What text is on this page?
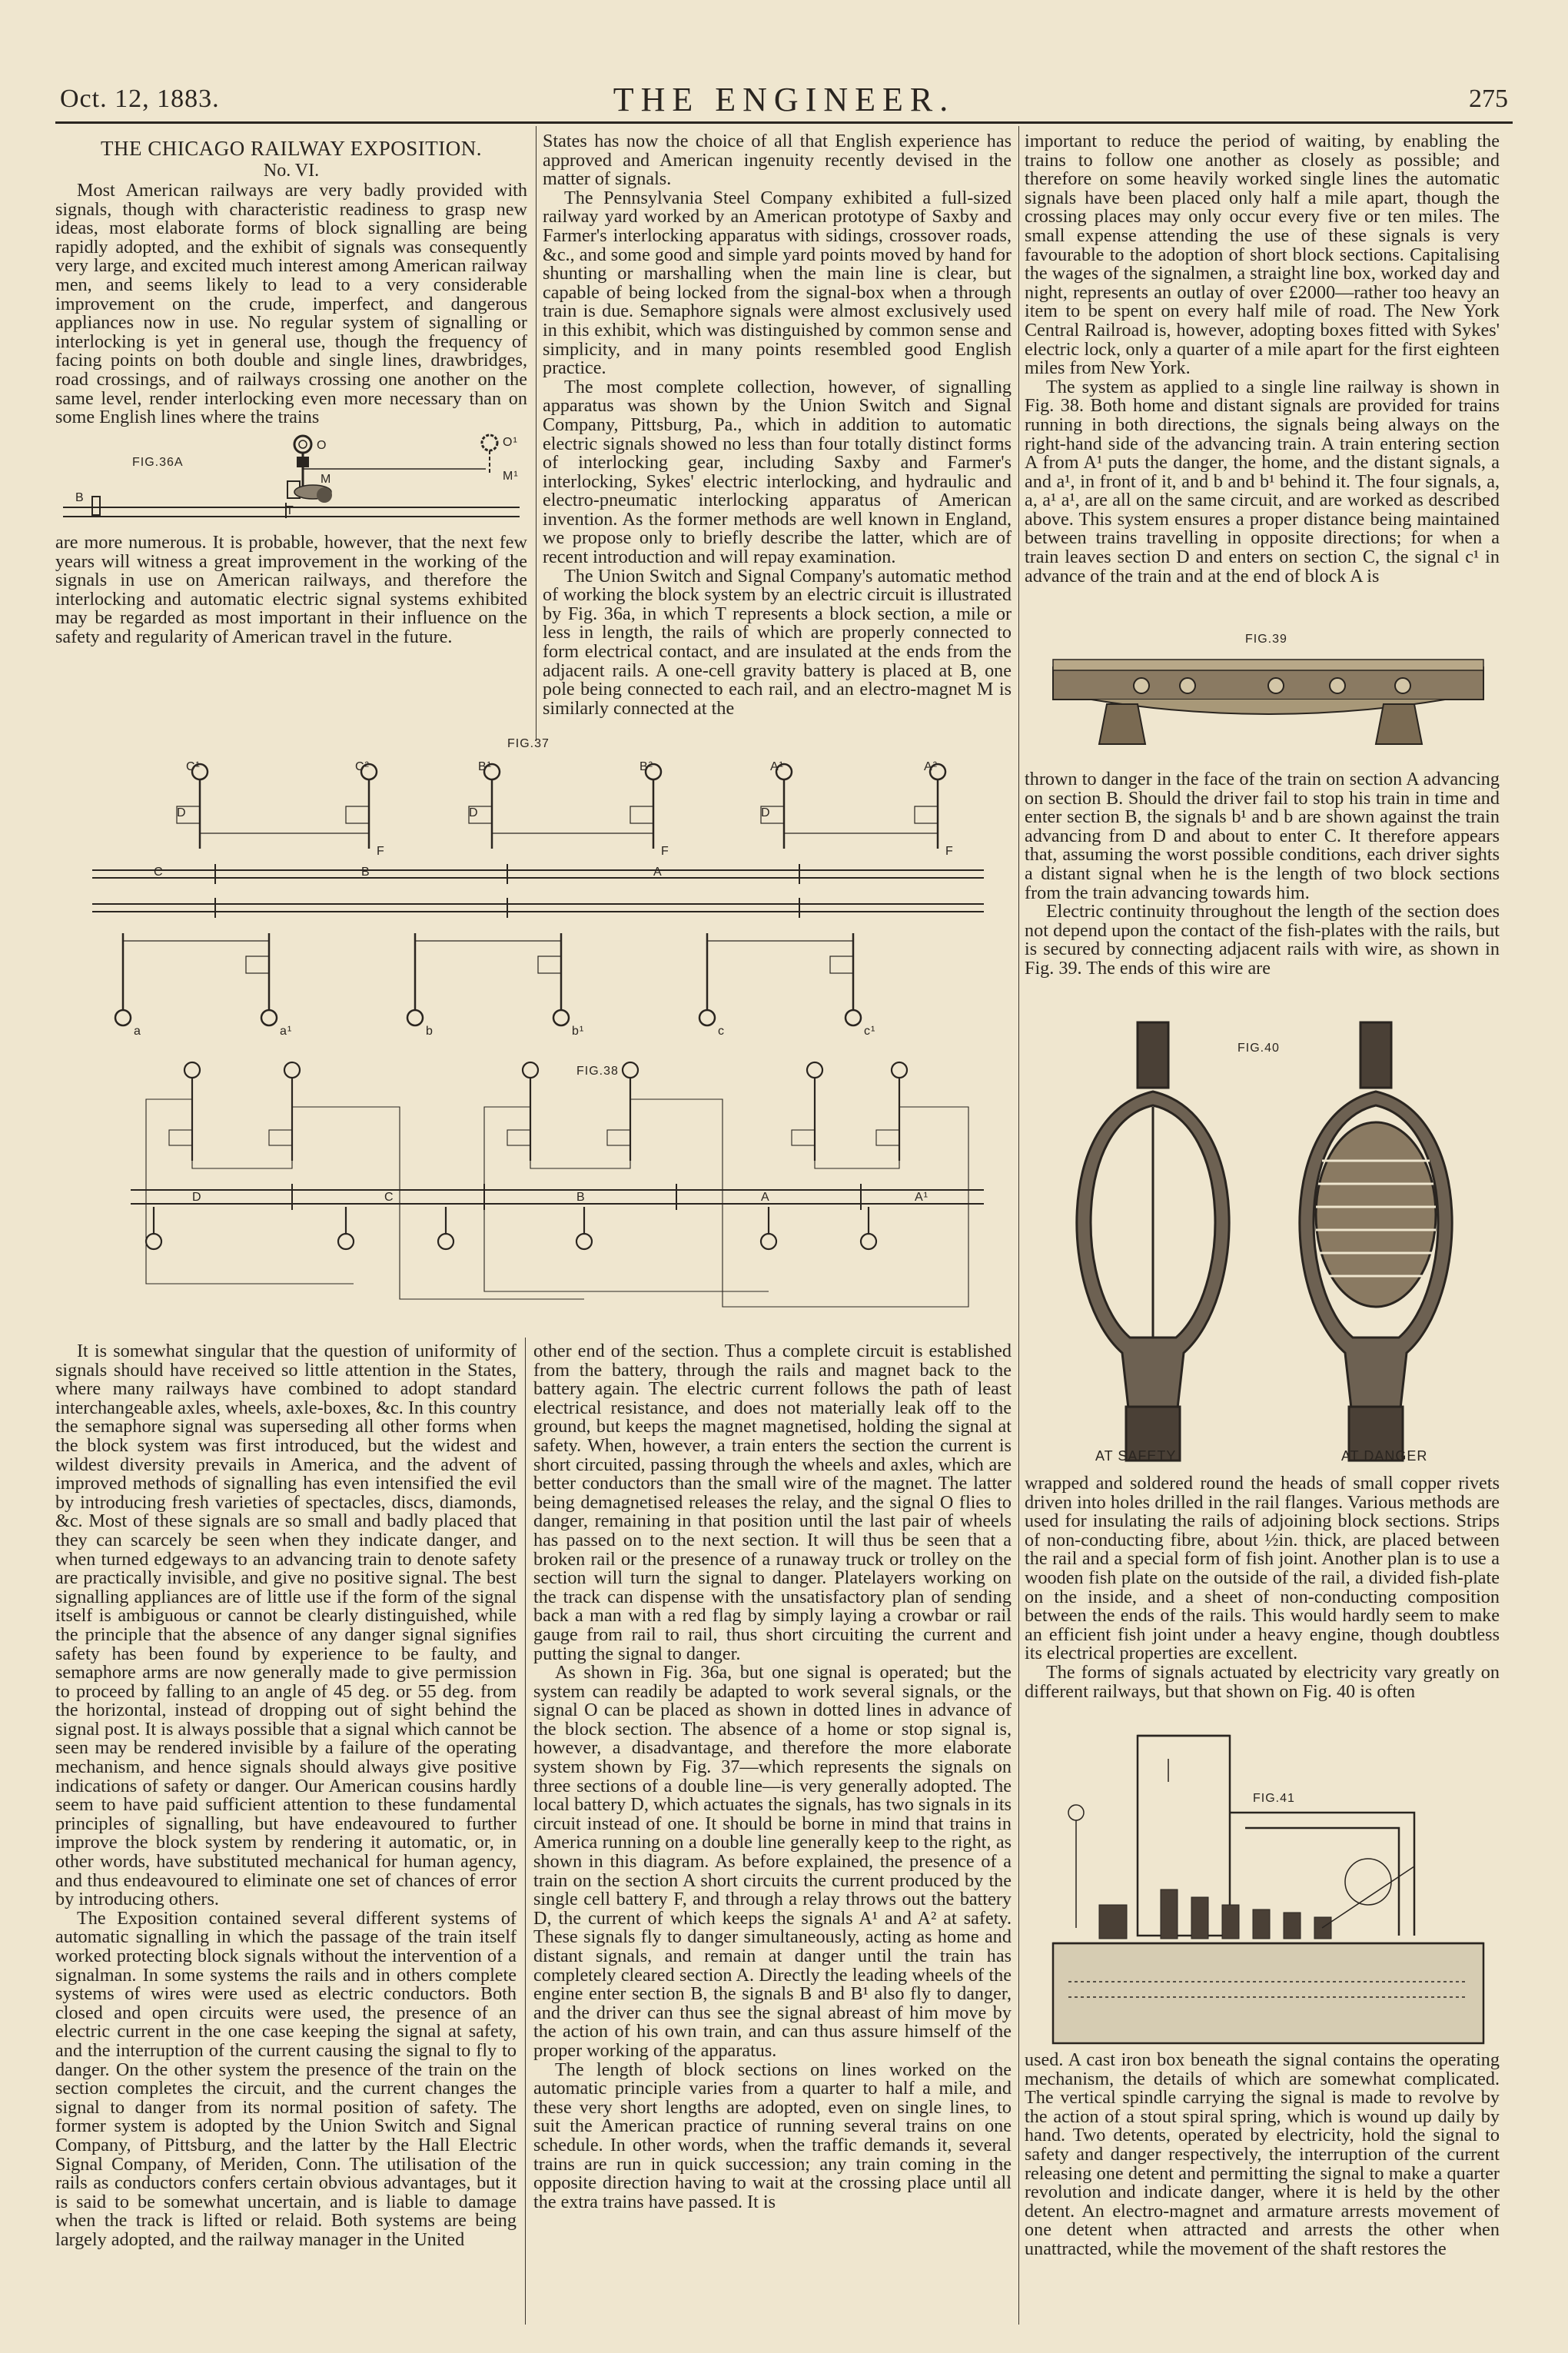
Oct. 12, 1883.	THE ENGINEER.	275
THE CHICAGO RAILWAY EXPOSITION.
No. VI.

Most American railways are very badly provided with signals, though with characteristic readiness to grasp new ideas, most elaborate forms of block signalling are being rapidly adopted, and the exhibit of signals was consequently very large, and excited much interest among American railway men, and seems likely to lead to a very considerable improvement on the crude, imperfect, and dangerous appliances now in use. No regular system of signalling or interlocking is yet in general use, though the frequency of facing points on both double and single lines, drawbridges, road crossings, and of railways crossing one another on the same level, render interlocking even more necessary than on some English lines where the trains

FIG.36A
O	O¹
M	M¹
B
T

are more numerous. It is probable, however, that the next few years will witness a great improvement in the working of the signals in use on American railways, and therefore the interlocking and automatic electric signal systems exhibited may be regarded as most important in their influence on the safety and regularity of American travel in the future.

States has now the choice of all that English experience has approved and American ingenuity recently devised in the matter of signals.

The Pennsylvania Steel Company exhibited a full-sized railway yard worked by an American prototype of Saxby and Farmer's interlocking apparatus with sidings, crossover roads, &c., and some good and simple yard points moved by hand for shunting or marshalling when the main line is clear, but capable of being locked from the signal-box when a through train is due. Semaphore signals were almost exclusively used in this exhibit, which was distinguished by common sense and simplicity, and in many points resembled good English practice.

The most complete collection, however, of signalling apparatus was shown by the Union Switch and Signal Company, Pittsburg, Pa., which in addition to automatic electric signals showed no less than four totally distinct forms of interlocking gear, including Saxby and Farmer's interlocking, Sykes' electric interlocking, and hydraulic and electro-pneumatic interlocking apparatus of American invention. As the former methods are well known in England, we propose only to briefly describe the latter, which are of recent introduction and will repay examination.

The Union Switch and Signal Company's automatic method of working the block system by an electric circuit is illustrated by Fig. 36a, in which T represents a block section, a mile or less in length, the rails of which are properly connected to form electrical contact, and are insulated at the ends from the adjacent rails. A one-cell gravity battery is placed at B, one pole being connected to each rail, and an electro-magnet M is similarly connected at the

FIG.37
C¹	C²	B¹	B²	A¹	A²
C	B	A
D	D	D
F	F	F
a	a¹	b	b¹	c	c¹
FIG.38
D	C	B	A	A¹

important to reduce the period of waiting, by enabling the trains to follow one another as closely as possible; and therefore on some heavily worked single lines the automatic signals have been placed only half a mile apart, though the crossing places may only occur every five or ten miles. The small expense attending the use of these signals is very favourable to the adoption of short block sections. Capitalising the wages of the signalmen, a straight line box, worked day and night, represents an outlay of over £2000—rather too heavy an item to be spent on every half mile of road. The New York Central Railroad is, however, adopting boxes fitted with Sykes' electric lock, only a quarter of a mile apart for the first eighteen miles from New York.

The system as applied to a single line railway is shown in Fig. 38. Both home and distant signals are provided for trains running in both directions, the signals being always on the right-hand side of the advancing train. A train entering section A from A¹ puts the danger, the home, and the distant signals, a and a¹, in front of it, and b and b¹ behind it. The four signals, a, a, a¹ a¹, are all on the same circuit, and are worked as described above. This system ensures a proper distance being maintained between trains travelling in opposite directions; for when a train leaves section D and enters on section C, the signal c¹ in advance of the train and at the end of block A is

FIG.39

thrown to danger in the face of the train on section A advancing on section B. Should the driver fail to stop his train in time and enter section B, the signals b¹ and b are shown against the train advancing from D and about to enter C. It therefore appears that, assuming the worst possible conditions, each driver sights a distant signal when he is the length of two block sections from the train advancing towards him.

Electric continuity throughout the length of the section does not depend upon the contact of the fish-plates with the rails, but is secured by connecting adjacent rails with wire, as shown in Fig. 39. The ends of this wire are

FIG.40
AT SAFETY	AT DANGER

wrapped and soldered round the heads of small copper rivets driven into holes drilled in the rail flanges. Various methods are used for insulating the rails of adjoining block sections. Strips of non-conducting fibre, about ½in. thick, are placed between the rail and a special form of fish joint. Another plan is to use a wooden fish plate on the outside of the rail, a divided fish-plate on the inside, and a sheet of non-conducting composition between the ends of the rails. This would hardly seem to make an efficient fish joint under a heavy engine, though doubtless its electrical properties are excellent.

The forms of signals actuated by electricity vary greatly on different railways, but that shown on Fig. 40 is often

FIG.41

used. A cast iron box beneath the signal contains the operating mechanism, the details of which are somewhat complicated. The vertical spindle carrying the signal is made to revolve by the action of a stout spiral spring, which is wound up daily by hand. Two detents, operated by electricity, hold the signal to safety and danger respectively, the interruption of the current releasing one detent and permitting the signal to make a quarter revolution and indicate danger, where it is held by the other detent. An electro-magnet and armature arrests movement of one detent when attracted and arrests the other when unattracted, while the movement of the shaft restores the

It is somewhat singular that the question of uniformity of signals should have received so little attention in the States, where many railways have combined to adopt standard interchangeable axles, wheels, axle-boxes, &c. In this country the semaphore signal was superseding all other forms when the block system was first introduced, but the widest and wildest diversity prevails in America, and the advent of improved methods of signalling has even intensified the evil by introducing fresh varieties of spectacles, discs, diamonds, &c. Most of these signals are so small and badly placed that they can scarcely be seen when they indicate danger, and when turned edgeways to an advancing train to denote safety are practically invisible, and give no positive signal. The best signalling appliances are of little use if the form of the signal itself is ambiguous or cannot be clearly distinguished, while the principle that the absence of any danger signal signifies safety has been found by experience to be faulty, and semaphore arms are now generally made to give permission to proceed by falling to an angle of 45 deg. or 55 deg. from the horizontal, instead of dropping out of sight behind the signal post. It is always possible that a signal which cannot be seen may be rendered invisible by a failure of the operating mechanism, and hence signals should always give positive indications of safety or danger. Our American cousins hardly seem to have paid sufficient attention to these fundamental principles of signalling, but have endeavoured to further improve the block system by rendering it automatic, or, in other words, have substituted mechanical for human agency, and thus endeavoured to eliminate one set of chances of error by introducing others.

The Exposition contained several different systems of automatic signalling in which the passage of the train itself worked protecting block signals without the intervention of a signalman. In some systems the rails and in others complete systems of wires were used as electric conductors. Both closed and open circuits were used, the presence of an electric current in the one case keeping the signal at safety, and the interruption of the current causing the signal to fly to danger. On the other system the presence of the train on the section completes the circuit, and the current changes the signal to danger from its normal position of safety. The former system is adopted by the Union Switch and Signal Company, of Pittsburg, and the latter by the Hall Electric Signal Company, of Meriden, Conn. The utilisation of the rails as conductors confers certain obvious advantages, but it is said to be somewhat uncertain, and is liable to damage when the track is lifted or relaid. Both systems are being largely adopted, and the railway manager in the United

other end of the section. Thus a complete circuit is established from the battery, through the rails and magnet back to the battery again. The electric current follows the path of least electrical resistance, and does not materially leak off to the ground, but keeps the magnet magnetised, holding the signal at safety. When, however, a train enters the section the current is short circuited, passing through the wheels and axles, which are better conductors than the small wire of the magnet. The latter being demagnetised releases the relay, and the signal O flies to danger, remaining in that position until the last pair of wheels has passed on to the next section. It will thus be seen that a broken rail or the presence of a runaway truck or trolley on the section will turn the signal to danger. Platelayers working on the track can dispense with the unsatisfactory plan of sending back a man with a red flag by simply laying a crowbar or rail gauge from rail to rail, thus short circuiting the current and putting the signal to danger.

As shown in Fig. 36a, but one signal is operated; but the system can readily be adapted to work several signals, or the signal O can be placed as shown in dotted lines in advance of the block section. The absence of a home or stop signal is, however, a disadvantage, and therefore the more elaborate system shown by Fig. 37—which represents the signals on three sections of a double line—is very generally adopted. The local battery D, which actuates the signals, has two signals in its circuit instead of one. It should be borne in mind that trains in America running on a double line generally keep to the right, as shown in this diagram. As before explained, the presence of a train on the section A short circuits the current produced by the single cell battery F, and through a relay throws out the battery D, the current of which keeps the signals A¹ and A² at safety. These signals fly to danger simultaneously, acting as home and distant signals, and remain at danger until the train has completely cleared section A. Directly the leading wheels of the engine enter section B, the signals B and B¹ also fly to danger, and the driver can thus see the signal abreast of him move by the action of his own train, and can thus assure himself of the proper working of the apparatus.

The length of block sections on lines worked on the automatic principle varies from a quarter to half a mile, and these very short lengths are adopted, even on single lines, to suit the American practice of running several trains on one schedule. In other words, when the traffic demands it, several trains are run in quick succession; any train coming in the opposite direction having to wait at the crossing place until all the extra trains have passed. It is
